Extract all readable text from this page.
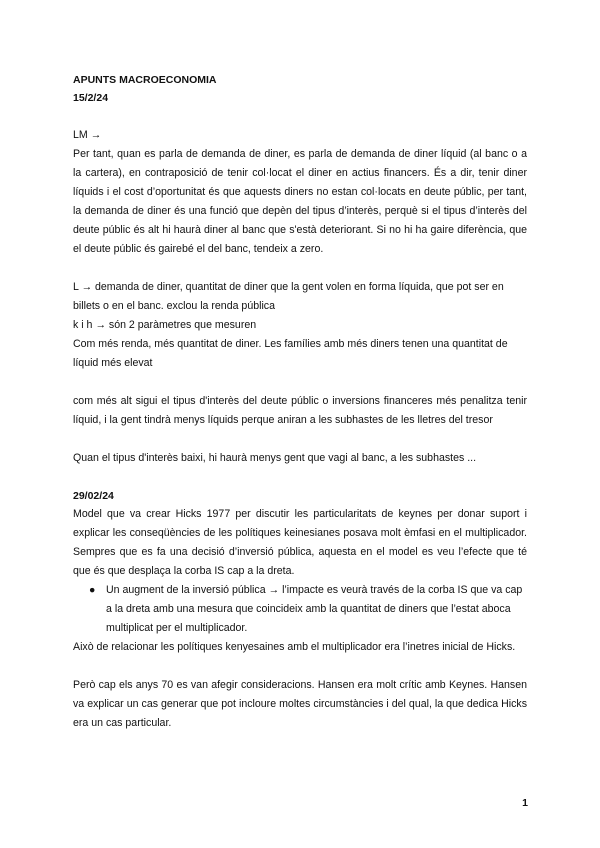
APUNTS MACROECONOMIA
15/2/24

LM →

Per tant, quan es parla de demanda de diner, es parla de demanda de diner líquid (al banc o a la cartera), en contraposició de tenir col·locat el diner en actius financers. És a dir, tenir diner líquids i el cost d’oportunitat és que aquests diners no estan col·locats en deute públic, per tant, la demanda de diner és una funció que depèn del tipus d’interès, perquè si el tipus d’interès del deute públic és alt hi haurà diner al banc que s'està deteriorant. Si no hi ha gaire diferència, que el deute públic és gairebé el del banc, tendeix a zero.

L → demanda de diner, quantitat de diner que la gent volen en forma líquida, que pot ser en billets o en el banc. exclou la renda pública

k i h → són 2 paràmetres que mesuren

Com més renda, més quantitat de diner. Les famílies amb més diners tenen una quantitat de líquid més elevat

com més alt sigui el tipus d'interès del deute públic o inversions financeres més penalitza tenir líquid, i la gent tindrà menys líquids perque aniran a les subhastes de les lletres del tresor

Quan el tipus d'interès baixi, hi haurà menys gent que vagi al banc, a les subhastes ...

29/02/24

Model que va crear Hicks 1977 per discutir les particularitats de keynes per donar suport i explicar les conseqüències de les polítiques keinesianes posava molt èmfasi en el multiplicador. Sempres que es fa una decisió d’inversió pública, aquesta en el model es veu l’efecte que té que és que desplaça la corba IS cap a la dreta.

● Un augment de la inversió pública → l’impacte es veurà través de la corba IS que va cap a la dreta amb una mesura que coincideix amb la quantitat de diners que l’estat aboca multiplicat per el multiplicador.

Això de relacionar les polítiques kenyesaines amb el multiplicador era l’inetres inicial de Hicks.

Però cap els anys 70 es van afegir consideracions. Hansen era molt crític amb Keynes. Hansen va explicar un cas generar que pot incloure moltes circumstàncies i del qual, la que dedica Hicks era un cas particular.

1
